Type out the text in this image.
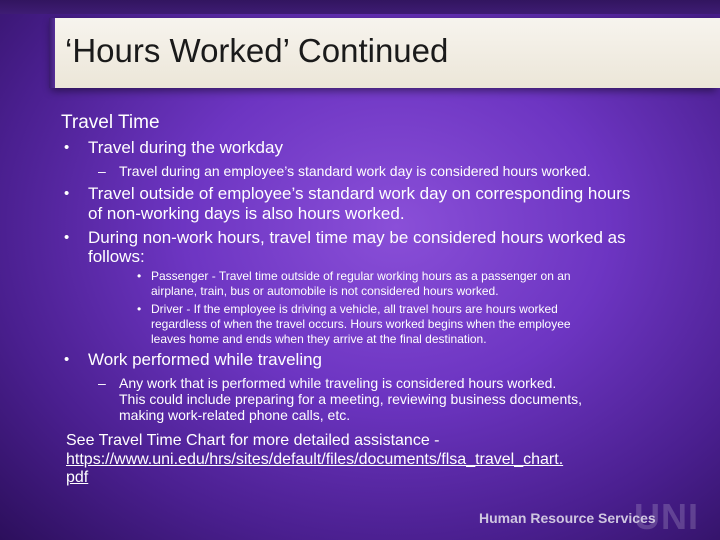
‘Hours Worked’ Continued

Travel Time

• Travel during the workday

– Travel during an employee’s standard work day is considered hours worked.

• Travel outside of employee’s standard work day on corresponding hours

of non-working days is also hours worked.

• During non-work hours, travel time may be considered hours worked as

follows:

• Passenger - Travel time outside of regular working hours as a passenger on an

airplane, train, bus or automobile is not considered hours worked.

• Driver - If the employee is driving a vehicle, all travel hours are hours worked

regardless of when the travel occurs. Hours worked begins when the employee

leaves home and ends when they arrive at the final destination.

• Work performed while traveling

– Any work that is performed while traveling is considered hours worked.

This could include preparing for a meeting, reviewing business documents,

making work-related phone calls, etc.

See Travel Time Chart for more detailed assistance -

https://www.uni.edu/hrs/sites/default/files/documents/flsa_travel_chart.
pdf
UNI
Human Resource Services
